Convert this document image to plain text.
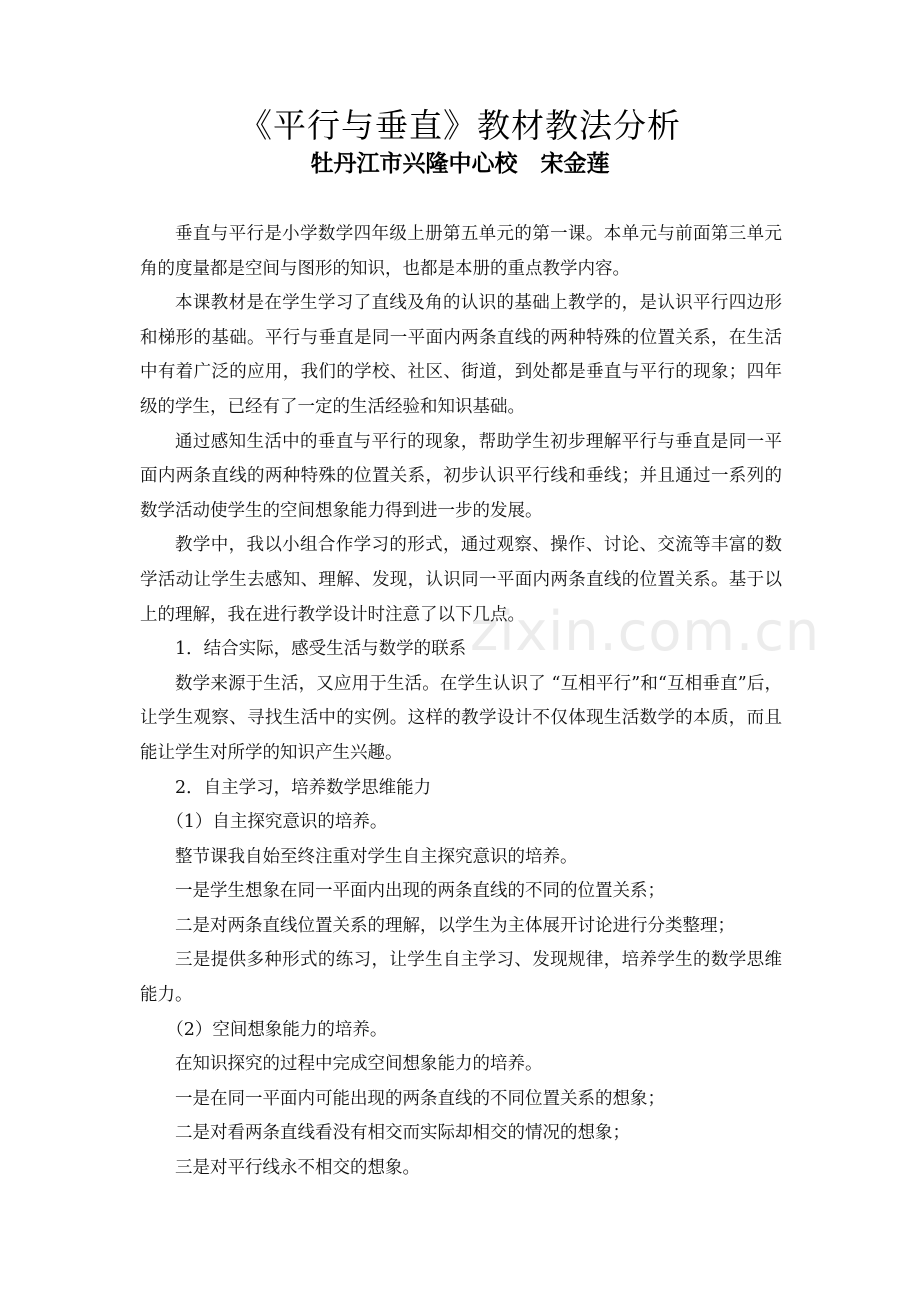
《平行与垂直》教材教法分析
牡丹江市兴隆中心校　宋金莲
zixin.com.cn

垂直与平行是小学数学四年级上册第五单元的第一课。本单元与前面第三单元角的度量都是空间与图形的知识，也都是本册的重点教学内容。

本课教材是在学生学习了直线及角的认识的基础上教学的，是认识平行四边形和梯形的基础。平行与垂直是同一平面内两条直线的两种特殊的位置关系，在生活中有着广泛的应用，我们的学校、社区、街道，到处都是垂直与平行的现象；四年级的学生，已经有了一定的生活经验和知识基础。

通过感知生活中的垂直与平行的现象，帮助学生初步理解平行与垂直是同一平面内两条直线的两种特殊的位置关系，初步认识平行线和垂线；并且通过一系列的数学活动使学生的空间想象能力得到进一步的发展。

教学中，我以小组合作学习的形式，通过观察、操作、讨论、交流等丰富的数学活动让学生去感知、理解、发现，认识同一平面内两条直线的位置关系。基于以上的理解，我在进行教学设计时注意了以下几点。

1．结合实际，感受生活与数学的联系

数学来源于生活，又应用于生活。在学生认识了 “互相平行”和“互相垂直”后，让学生观察、寻找生活中的实例。这样的教学设计不仅体现生活数学的本质，而且能让学生对所学的知识产生兴趣。

2．自主学习，培养数学思维能力

（1）自主探究意识的培养。

整节课我自始至终注重对学生自主探究意识的培养。

一是学生想象在同一平面内出现的两条直线的不同的位置关系；

二是对两条直线位置关系的理解，以学生为主体展开讨论进行分类整理；

三是提供多种形式的练习，让学生自主学习、发现规律，培养学生的数学思维能力。

（2）空间想象能力的培养。

在知识探究的过程中完成空间想象能力的培养。

一是在同一平面内可能出现的两条直线的不同位置关系的想象；

二是对看两条直线看没有相交而实际却相交的情况的想象；

三是对平行线永不相交的想象。
